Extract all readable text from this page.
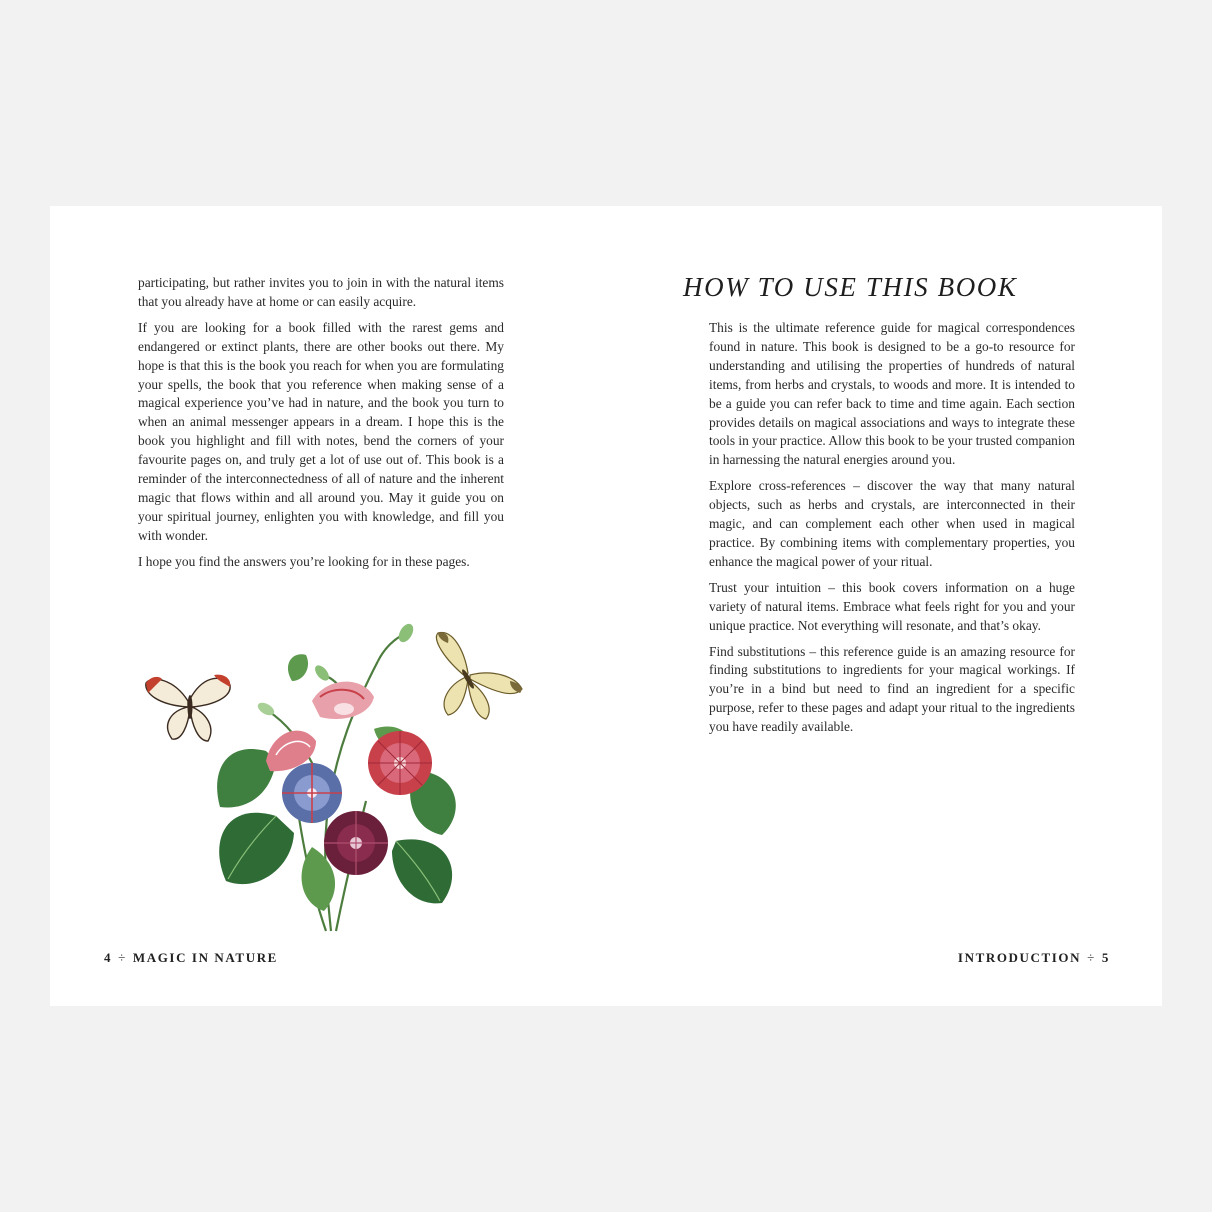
participating, but rather invites you to join in with the natural items that you already have at home or can easily acquire.

If you are looking for a book filled with the rarest gems and endangered or extinct plants, there are other books out there. My hope is that this is the book you reach for when you are formulating your spells, the book that you reference when making sense of a magical experience you’ve had in nature, and the book you turn to when an animal messenger appears in a dream. I hope this is the book you highlight and fill with notes, bend the corners of your favourite pages on, and truly get a lot of use out of. This book is a reminder of the interconnectedness of all of nature and the inherent magic that flows within and all around you. May it guide you on your spiritual journey, enlighten you with knowledge, and fill you with wonder.

I hope you find the answers you’re looking for in these pages.

4 ÷ MAGIC IN NATURE
HOW TO USE THIS BOOK

This is the ultimate reference guide for magical correspondences found in nature. This book is designed to be a go-to resource for understanding and utilising the properties of hundreds of natural items, from herbs and crystals, to woods and more. It is intended to be a guide you can refer back to time and time again. Each section provides details on magical associations and ways to integrate these tools in your practice. Allow this book to be your trusted companion in harnessing the natural energies around you.

Explore cross-references – discover the way that many natural objects, such as herbs and crystals, are interconnected in their magic, and can complement each other when used in magical practice. By combining items with complementary properties, you enhance the magical power of your ritual.

Trust your intuition – this book covers information on a huge variety of natural items. Embrace what feels right for you and your unique practice. Not everything will resonate, and that’s okay.

Find substitutions – this reference guide is an amazing resource for finding substitutions to ingredients for your magical workings. If you’re in a bind but need to find an ingredient for a specific purpose, refer to these pages and adapt your ritual to the ingredients you have readily available.

INTRODUCTION ÷ 5
